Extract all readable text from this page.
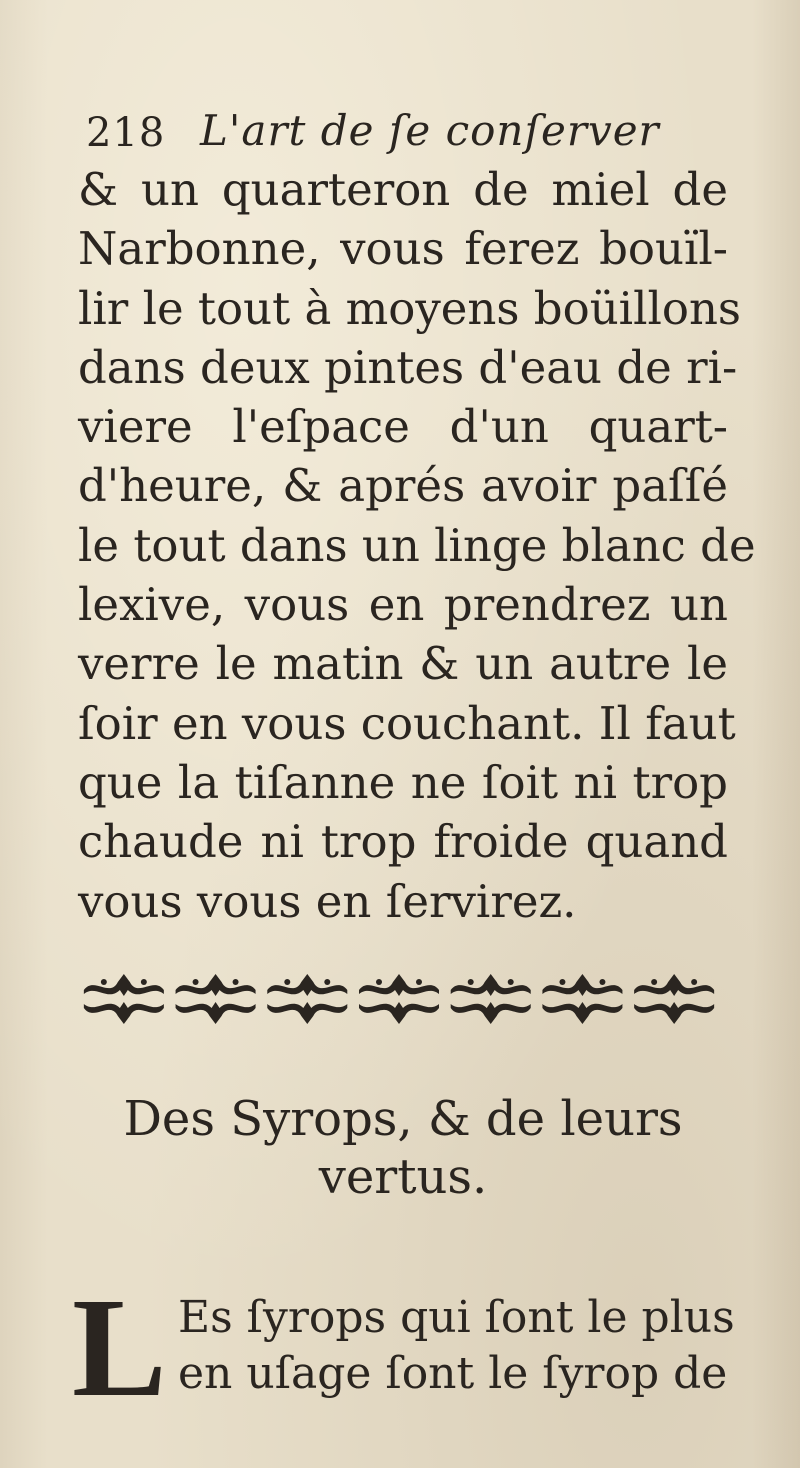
218 L'art de ſe conſerver
& un quarteron de miel de
Narbonne, vous ferez bouïl-
lir le tout à moyens boüillons
dans deux pintes d'eau de ri-
viere l'eſpace d'un quart-
d'heure, & aprés avoir paſſé
le tout dans un linge blanc de
lexive, vous en prendrez un
verre le matin & un autre le
ſoir en vous couchant. Il faut
que la tiſanne ne ſoit ni trop
chaude ni trop froide quand
vous vous en ſervirez.
Des Syrops, & de leurs
vertus.
L Es ſyrops qui ſont le plus
en uſage ſont le ſyrop de
